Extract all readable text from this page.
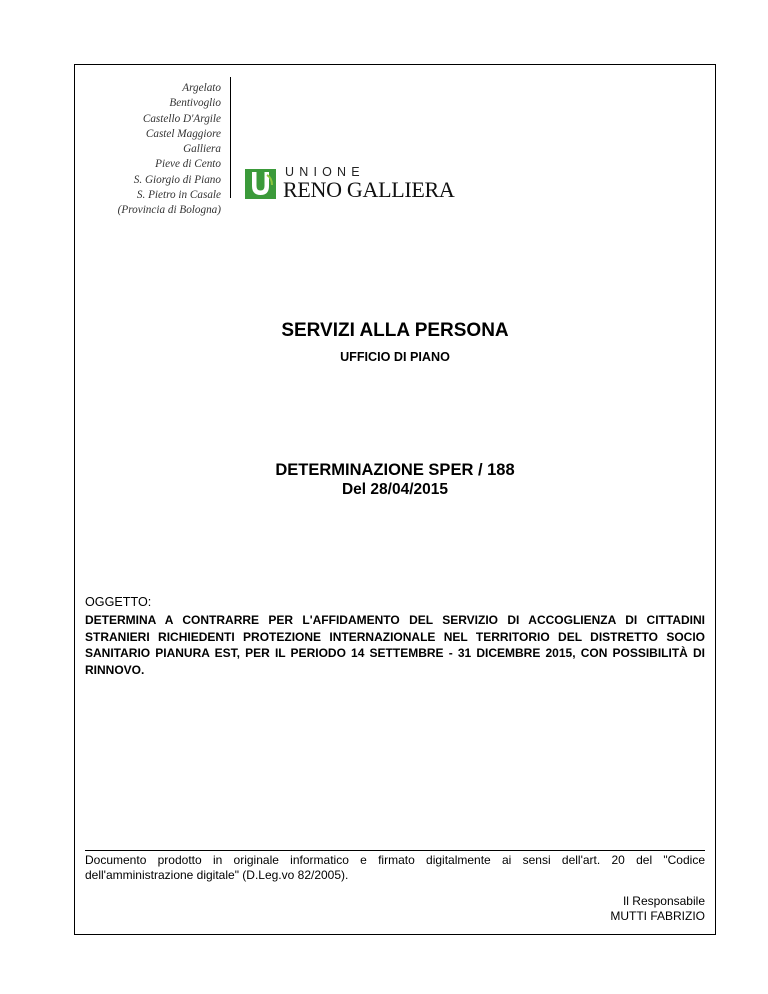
Argelato
Bentivoglio
Castello D'Argile
Castel Maggiore
Galliera
Pieve di Cento
S. Giorgio di Piano
S. Pietro in Casale
(Provincia di Bologna)
UNIONE
RENO GALLIERA
SERVIZI ALLA PERSONA
UFFICIO DI PIANO
DETERMINAZIONE SPER / 188
Del 28/04/2015
OGGETTO:
DETERMINA A CONTRARRE PER L'AFFIDAMENTO DEL SERVIZIO DI ACCOGLIENZA DI CITTADINI STRANIERI RICHIEDENTI PROTEZIONE INTERNAZIONALE NEL TERRITORIO DEL DISTRETTO SOCIO SANITARIO PIANURA EST, PER IL PERIODO 14 SETTEMBRE - 31 DICEMBRE 2015, CON POSSIBILITÀ DI RINNOVO.
Documento prodotto in originale informatico e firmato digitalmente ai sensi dell'art. 20 del "Codice dell'amministrazione digitale" (D.Leg.vo 82/2005).
Il Responsabile
MUTTI FABRIZIO
